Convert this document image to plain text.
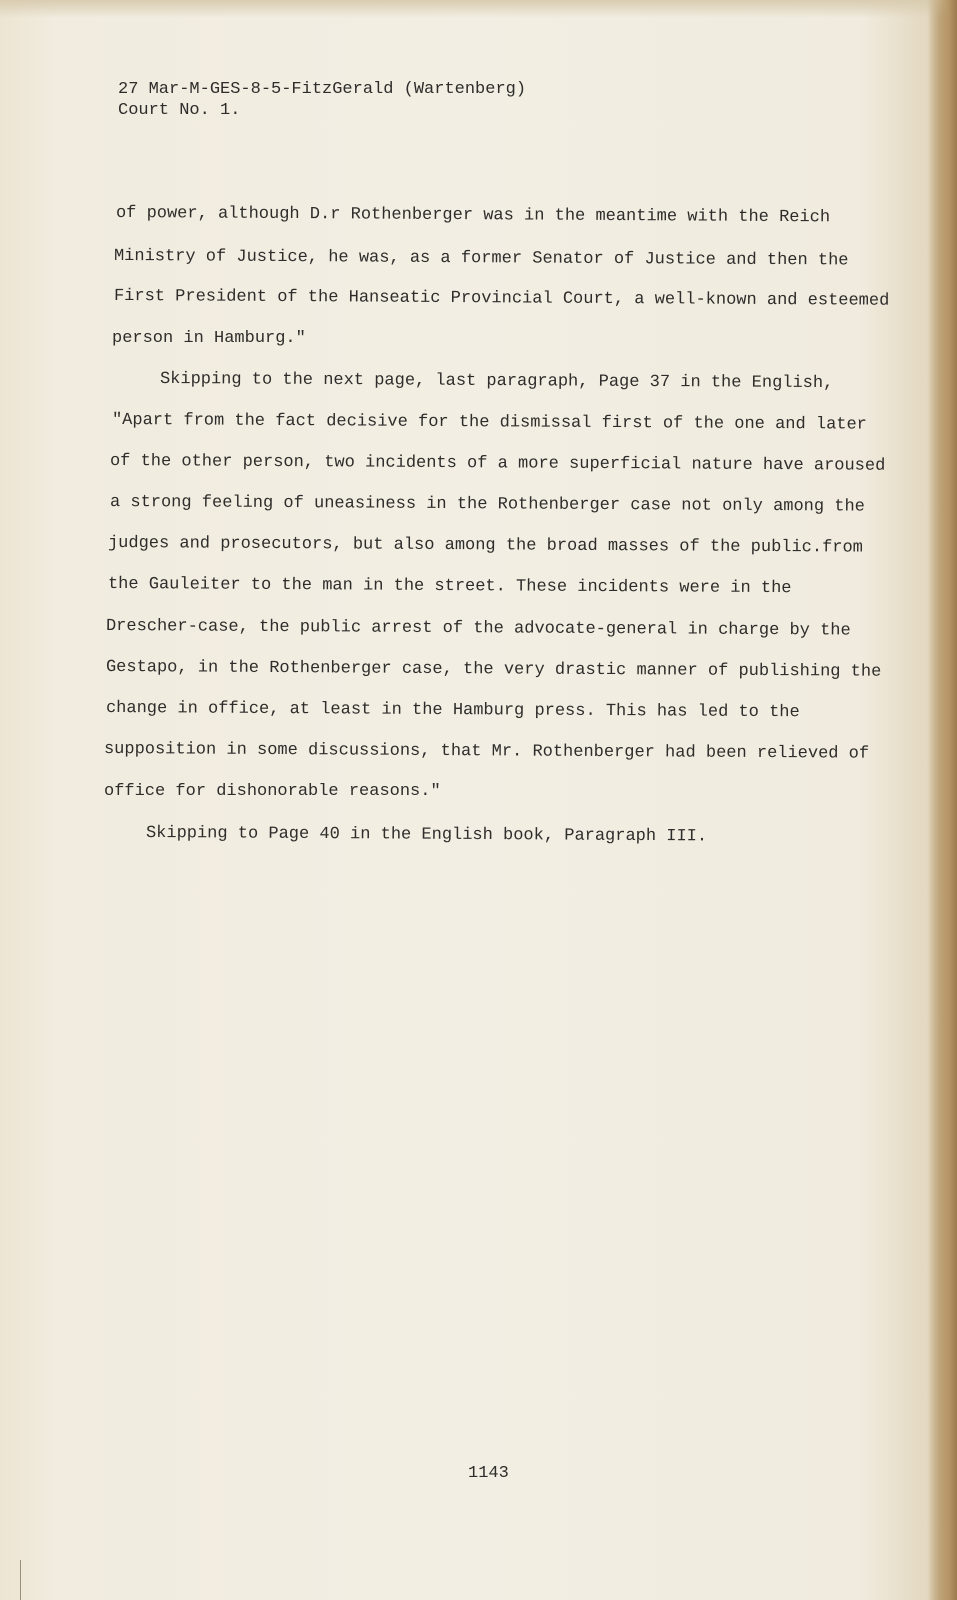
27 Mar-M-GES-8-5-FitzGerald (Wartenberg)
Court No. 1.
of power, although D.r Rothenberger was in the meantime with the Reich
Ministry of Justice, he was, as a former Senator of Justice and then the
First President of the Hanseatic Provincial Court, a well-known and esteemed
person in Hamburg."
Skipping to the next page, last paragraph, Page 37 in the English,
"Apart from the fact decisive for the dismissal first of the one and later
of the other person, two incidents of a more superficial nature have aroused
a strong feeling of uneasiness in the Rothenberger case not only among the
judges and prosecutors, but also among the broad masses of the public.from
the Gauleiter to the man in the street. These incidents were in the
Drescher-case, the public arrest of the advocate-general in charge by the
Gestapo, in the Rothenberger case, the very drastic manner of publishing the
change in office, at least in the Hamburg press. This has led to the
supposition in some discussions, that Mr. Rothenberger had been relieved of
office for dishonorable reasons."
Skipping to Page 40 in the English book, Paragraph III.
1143
